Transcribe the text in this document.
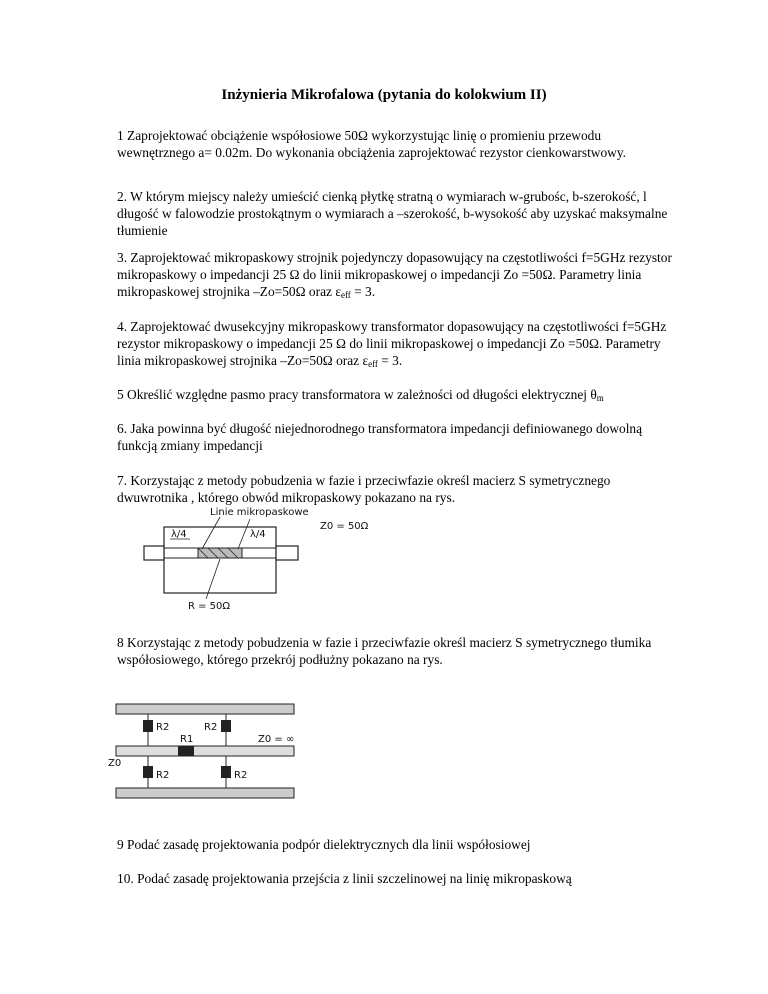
Inżynieria Mikrofalowa (pytania do kolokwium II)

1 Zaprojektować obciążenie współosiowe 50Ω wykorzystując linię o promieniu przewodu wewnętrznego a= 0.02m. Do wykonania obciążenia zaprojektować rezystor cienkowarstwowy.

2. W którym miejscy należy umieścić cienką płytkę stratną o wymiarach w-grubośc, b-szerokość, l długość w falowodzie prostokątnym o wymiarach a –szerokość, b-wysokość aby uzyskać maksymalne tłumienie

3. Zaprojektować mikropaskowy strojnik pojedynczy dopasowujący na częstotliwości f=5GHz rezystor mikropaskowy o impedancji 25 Ω do linii mikropaskowej o impedancji Zo =50Ω. Parametry linia mikropaskowej strojnika –Zo=50Ω oraz $\varepsilon_{eff} = 3$.

4. Zaprojektować dwusekcyjny mikropaskowy transformator dopasowujący na częstotliwości f=5GHz rezystor mikropaskowy o impedancji 25 Ω do linii mikropaskowej o impedancji Zo =50Ω. Parametry linia mikropaskowej strojnika –Zo=50Ω oraz $\varepsilon_{eff} = 3$.

5 Określić względne pasmo pracy transformatora w zależności od długości elektrycznej $\theta_m$

6. Jaka powinna być długość niejednorodnego transformatora impedancji definiowanego dowolną funkcją zmiany impedancji

7. Korzystając z metody pobudzenia w fazie i przeciwfazie określ macierz S symetrycznego dwuwrotnika , którego obwód mikropaskowy pokazano na rys.

Linie mikropaskowe
Z0 = 50Ω
λ/4	λ/4
R = 50Ω

8 Korzystając z metody pobudzenia w fazie i przeciwfazie określ macierz S symetrycznego tłumika współosiowego, którego przekrój podłużny pokazano na rys.

R2
R2
R2
R2
R1
Z0
Z0 = ∞

9 Podać zasadę projektowania podpór dielektrycznych dla linii współosiowej

10. Podać zasadę projektowania przejścia z linii szczelinowej na linię mikropaskową
